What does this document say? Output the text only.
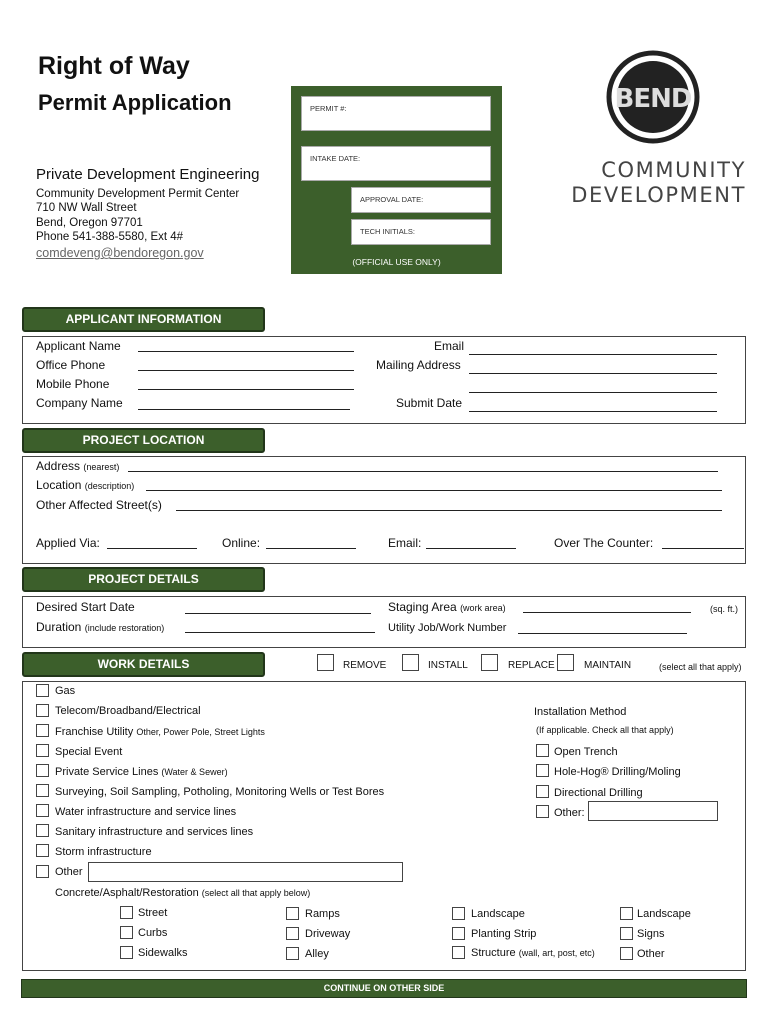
Right of Way
Permit Application
Private Development Engineering
Community Development Permit Center
710 NW Wall Street
Bend, Oregon 97701
Phone 541-388-5580, Ext 4#
comdeveng@bendoregon.gov
PERMIT #:
INTAKE DATE:
APPROVAL DATE:
TECH INITIALS:
(OFFICIAL USE ONLY)
BEND
COMMUNITY
DEVELOPMENT
APPLICANT INFORMATION
Applicant Name
Office Phone
Mobile Phone
Company Name
Email
Mailing Address
Submit Date
PROJECT LOCATION
Address (nearest)
Location (description)
Other Affected Street(s)
Applied Via:	Online:	Email:	Over The Counter:
PROJECT DETAILS
Desired Start Date
Duration (include restoration)
Staging Area (work area)	(sq. ft.)
Utility Job/Work Number
WORK DETAILS	REMOVE	INSTALL	REPLACE	MAINTAIN	(select all that apply)
Gas
Telecom/Broadband/Electrical
Franchise Utility Other, Power Pole, Street Lights
Special Event
Private Service Lines (Water & Sewer)
Surveying, Soil Sampling, Potholing, Monitoring Wells or Test Bores
Water infrastructure and service lines
Sanitary infrastructure and services lines
Storm infrastructure
Other
Installation Method
(If applicable. Check all that apply)
Open Trench
Hole-Hog® Drilling/Moling
Directional Drilling
Other:
Concrete/Asphalt/Restoration (select all that apply below)
Street
Curbs
Sidewalks
Ramps
Driveway
Alley
Landscape
Planting Strip
Structure (wall, art, post, etc)
Landscape
Signs
Other
CONTINUE ON OTHER SIDE
